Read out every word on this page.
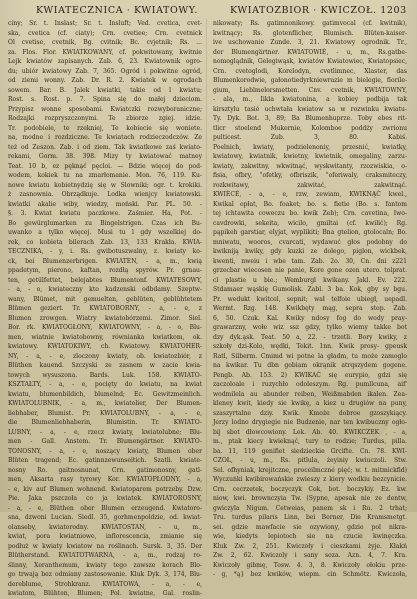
KWIATECZNICA · KWIATOWY.	KWIATOZBIOR · KWICZOŁ. 1203
ciny; Sr. t. Inslast; Sr. t. Insluft; Ved. cvetica, cvet-
ska, cvetica (cf. ciaty); Crn. cvetiee; Crn. cvetnick
Ol cvetise, cvetnik, Bg. cvitnik; Bc. cvjetnik; Rs. ...
za. Flos. Flor. KWIATKOWANY, cf. pokwitowany, kwitnie
Lejk kwiatów zapisanych. Zab. 6, 23. Kwiatownik ogro-
du; ubiór kwiatowy Zab. 7, 365. Ogród i pokwitne ogród,
od ziemi wonny. Zab. Dr. R. 2. Kwiatek w ogrodach
sowem. Bar. B. Jalek kwiatki, takie od l kwiatu;
Rost. s. Rost. p. 7. Spina się do małej dzieciom.
Przypisz wonne sposobami. Kwiatczki rozwyboraniczne;
Rodzajki rozpryszczonymi. Te zbiorze zgiej. idzie.
Tr. podobiele, te rzekniej, Te kobiecie się woniete.
na, modne i rozdziczne. Te kwiatach rodzieczodczów. Ze
też od Zeszon. Zab. i od ziem. Tak kwiatkowe zaś kwiato-
rekami, Gorm. 38. 398. Mizy ty kwiatować matney
Teat. 10 b, ez pęknąć pęcloi. — Bdzie więcej do pod-
wodem, kokiek tu na zmarłomanie. Mon. 76, 119. Ku-
nowe kwiatu kobietnydzię się w Slowniki; ogr. t. krokiki.
ż zasnownia. Obrządkuje. Lodka wienjcy kwiatowski.
kwiatki akalie wiby, wiedzy, moński. Par. PL. 50. -
§. 3. Kwiat kwiatu paczkowe. Zaśmier. Ha, Pot. -
Bo gewürglumarken zu Bingelstrigen. Czas ich Bu-
uwanko a tylko więcej. Musi tu l gdy wszelkiej do-
rek, co kobieta bilerach Zab. 13, 133 Krakła. KWIA-
TECZNIKA, - y, i. Rs. gwibotuszwalny, z. kwiaty ko-
ck, bei Blumenzerbrigen. KWIATEN, - a, m., kwią
ppadetym, pierono, kaftan, rozdłą spyrów. Pr. grnau-
ten, getülfettet, belejabtes Blumentonf. KWIATESOWY,
- a, - o, kwiateczny kto kadzenski odbdamy. Szeptw-
wany, Blümet, mit gemuelten, geblüten, geblühtetem
Blümen geziert. Tr. KWIATOBORNY, - a, - e, z
Blumen zrowgen. Wiatry kwiatobórzemi. Zimor. Siel.
Bor. rk. KWIATOGŁONY, KWIATOWNY, - a, - o, Blu-
men, wiatnie kwiatobowny, równianka kwiatkom, ok.
kwiatowy. KWIATOKIWY, ch. Kwiatowy. KWIATOHER-
NY, - a, - e, zloczony kwiaty, ob. kwiatozbiór, z
Blüthen kauend. Szczyski ze zasnem w zacie kwia-
towych wysuszona. Bards. Luk. 158. KWIATO-
KSZTAŁTY, - a, - e, pocięty do kwiatu, na kwiat
kwiatu, blumenbildich, blumelnd; Ec. Gewitzmeinlich.
KWIATOLUBNIK, - a, m., kwiatolier, Der Blumen-
liebhaber, Blumist. Pr. KWIATOLUBNY, - a, - e,
die Blumenliebhaberin, Blumistin. Tr. KWIATO-
LUBNY, - a, - e, rzecz kwiaty, kwiatolubne; Blu-
men - Gall. Anstem. Tr. Blumengärtner. KWIATO-
TONOSNY, - a, - e, noszący kwiaty, Blumen ober
Blüten tragend; Ec. gatinnzewunseitich. Szatli. kwiate-
nosny Ro. gaitnosnunat, Crn. gatimonosny, gatl-
men, Aksarta rasy tyrowy Kor. KWIATOPŁODNY, - a,
- e, kiv auf Blumen wohnend. Kwiatoparem potrzeby. Dzw.
Pie. Jaka pszczoła co ja kwiatek. KWIATOROSNY,
- a, - e, Blüthen ober Blumen erzeugend. Kwiatoro-
sna, dzwoni Lucian. Siedl. 35, gorhmenpoldzie, od. kwiat-
olanseby, kwiatorodny. KWIATOSTAN, - u, m.,
kwiat, pora kwiatniowe, inflorescencia, zmianie się
podłuż w kwiaty kwiatow na roślinach. Sursk. 3, 35. Der
Blütherstand. KWIATOTWARNA, - a, m., rodzaj ro-
ślinny, Xeranthemum, kwiaty tego zawsze korach Blo-
go trwają bez odmiany zastosowanie. Kluk Dyk. 3, 174, Blu-
dereblume, Strohkranz. KWIATOWA, - a, - e,
kwiatom, Blühten, Blumen; Pol. kwiatne, Gal. roslin-
nikowaty; Rs. gatimnonikowy. gatimvocal (cf. kwitnik),
kwitnący; Rs. glotenflicher, Blumisch. Blüten-kaiser-
ive uschowanie Zunde. 3, 21. Kwiatowy ogrodnik. Tr.,
der Blumengärtner. KWIATOWIÉ, - u, m., Rs.gatbe-
nomoglądnik, Gelegiwąsk, kwiatów Kwiatowiec, Kwiatopsiec,
Crn. cvetoglodi, Korelodyn, cvetlimnec, Xlaster, das
Blumenkorodwie, gałonotiedyrkniewrazie m bielegie, florile-
gium, Lieblmelorsmetten. Cnv. cvetnik, KWIATOWNY,
- ala, m., Iikla kwiatonina, a kobiey podbija tak
kirsztylu tasié uchwtała kwiatow sa w rozwinku kwiatu-
Ty. Dyk. Bot. 3, 89; Ba Blumenhuprze. Toby ebes rit-
tlicr stoelend Mukernie, Kolomboe poddży zwrionu
pulticest. Zub. 3, 80. Kabiś.
Poelnich, kwiaty, podzielenoniy, przesnić, kwiatky,
kwiatowy, kwiatnik, kwietny, kwietnik, omegaliny, zarzu-
kwiaty, zakwitny, wkwitnąć, wyskwitanty, rzozwiskia, o-
fisia, ofbry, "ofetky, ofbriszik, "oferiwaly, craksmiteczy,
rozkwitawy, zakwitać, zakwitnąć.
KWIÈCÉ, - a, - e, rzw, zewiam, KWIKNĄĆ kwel.,
Kwikal opłat, Bo. foaket; bo. s. fietie (Bo. s. fantom
tej ichtawita coweczu bo. kwik Zeb); Crn. cavetina, Iwo-
cavdrowki, sekeita, wicilo, gmiltai (cf. kwilić); Rg.
pąpikeh garstiar, elyjat, wyplikiti; Bna gtelion, gtolocaln; Bo.
mniwatu, wooros, cvarcati, wydawuć głos podobny do
kwikniją kwiky, gdy kuzki ze dolego, piglon, wickbek,
kwenti, nweiu i wbe tam. Zab. 2o. 30, Cn. dni z221
grzecbar wiecosen nie panie, Kore gone ozen utero. tolprat.
cl plastie u bie.; Wemburgl kwikany. Jakl. Ev. 222.
Stdamaer wąskię Gumolisk. Zabl. 3 ba. Kok, gby sy bgu.
Pr. wedukt kwitcel, sepnit; wał telfoie ubiegł, uepadl.
Wermt. Rzg. 148. Kwikbęty mąg, sepra stop. Zab.
6, 50. Czuk. Kal. Kwiky ndosy fog do wody pray-
grawarzny, wołe wiz ssz gdzy, tylko wiemy takke bot
dzy dyk.ąsk. Teat. 50 a, 22. - trzetli. Bory kwiky, z
szkoły dzi-Kolo, wędki, Tekit. 1nn. Kwik prosy- gpeusk
Ratl, Silberm. Cmimd wi potne la gładm, tu może zamoglo
na kwikar. Tu dbn gobiam okrąnik atrqszydem gogene.
Pengb. Ab. 153. 2) KWIKAĆ się eurypio, gdzi się
zaczoloale i ruzychło odoleszym. Rg. pumllcuna, aif'
wodmilela au abunder reiben, Weißmabden ikalen. Zea-
kleney kwit, kiedy sie kwikę, a kiez u drugiów na puny,
szaszyrtalne dziy. Kwik. Kmoże dobroe gzoszykiący.
Jerzy lodno drygiegie nie Budzenie, nar ten kwibuczny ogło-
bij sbot dłowcowiony. Lek. Ab. 40. KWIKCZEK , - a,
m., ptak kiecy kwieknąć, tury to rodzie; Turdus, pilla.
ba. 11, 119 genifiet siedzieckie Grcifte. Cn. 78. KWI-
CZOŁ, - u, m., Rs. pitlula, żeyiniy kwiuczoli. Stw.
Sel. ofhyniak, krejitczne, proceilmczné pięć; w. t. mitmickfid)
Wyczuńki kwibirowańskie zwieszy z kiery wodkiu bezcynicie.
Crn. cecrzetek, boczyczyk Cok, bot. boczykiy. Ez. kw.
niow, kwi. brownczyia Tw. (Sypne, apesak nie ze dentw,
gwiczyla Nigum. Cetweias, panem sk i Ru. 2 trhat;
Tru. turdus pilaris Linn, bei Berner, Die Kramsmetgt.
sei. gdzie mawfacie sie ozywiony, gdzie pol nikra-
wie, kiedyts lepiotoch sie na czucie kwinęczka.
Kluk Zw. 2, 251. Kwiczoły i cieszkami żyje. Kłakń
Zw. 2, 62. Kwiczoly i sany soza. Azn. 4, 7. Kra.
Kwiczoły gibmę, Tosw. 4. 3, 8. Kwiczoły ołokiu prze-
- g, *ą} bez kwików, wiepm. cin Schmötz. Kwiczoła,
